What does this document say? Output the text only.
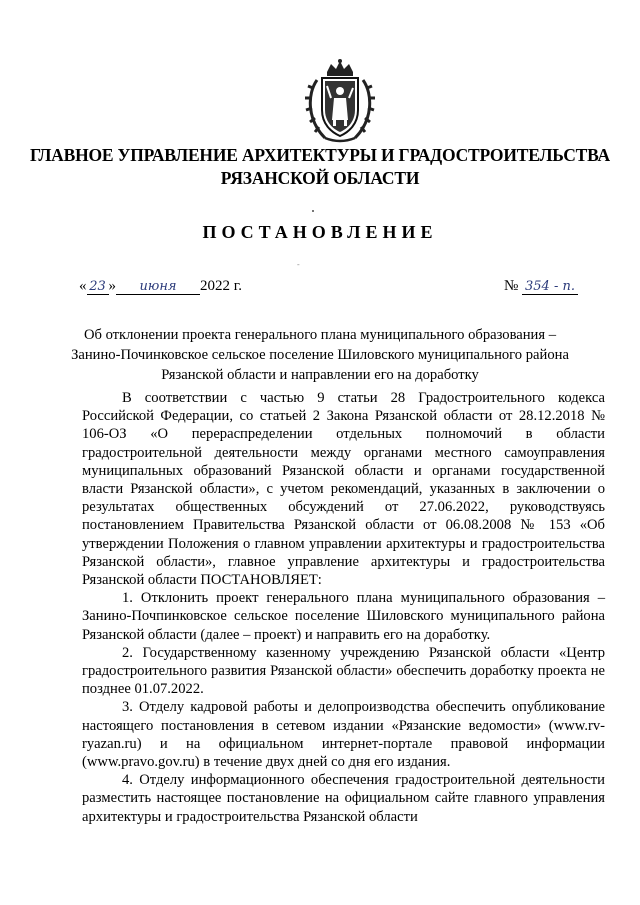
ГЛАВНОЕ УПРАВЛЕНИЕ АРХИТЕКТУРЫ И ГРАДОСТРОИТЕЛЬСТВА
РЯЗАНСКОЙ ОБЛАСТИ
ПОСТАНОВЛЕНИЕ
-
« 23 » июня 2022 г.	№ 354 - п.
Об отклонении проекта генерального плана муниципального образования –
Занино-Починковское сельское поселение Шиловского муниципального района
Рязанской области и направлении его на доработку

В соответствии с частью 9 статьи 28 Градостроительного кодекса Российской Федерации, со статьей 2 Закона Рязанской области от 28.12.2018 № 106-ОЗ «О перераспределении отдельных полномочий в области градостроительной деятельности между органами местного самоуправления муниципальных образований Рязанской области и органами государственной власти Рязанской области», с учетом рекомендаций, указанных в заключении о результатах общественных обсуждений от 27.06.2022, руководствуясь постановлением Правительства Рязанской области от 06.08.2008 № 153 «Об утверждении Положения о главном управлении архитектуры и градостроительства Рязанской области», главное управление архитектуры и градостроительства Рязанской области ПОСТАНОВЛЯЕТ:

1. Отклонить проект генерального плана муниципального образования – Занино-Почпинковское сельское поселение Шиловского муниципального района Рязанской области (далее – проект) и направить его на доработку.

2. Государственному казенному учреждению Рязанской области «Центр градостроительного развития Рязанской области» обеспечить доработку проекта не позднее 01.07.2022.

3. Отделу кадровой работы и делопроизводства обеспечить опубликование настоящего постановления в сетевом издании «Рязанские ведомости» (www.rv-ryazan.ru) и на официальном интернет-портале правовой информации (www.pravo.gov.ru) в течение двух дней со дня его издания.

4. Отделу информационного обеспечения градостроительной деятельности разместить настоящее постановление на официальном сайте главного управления архитектуры и градостроительства Рязанской области
